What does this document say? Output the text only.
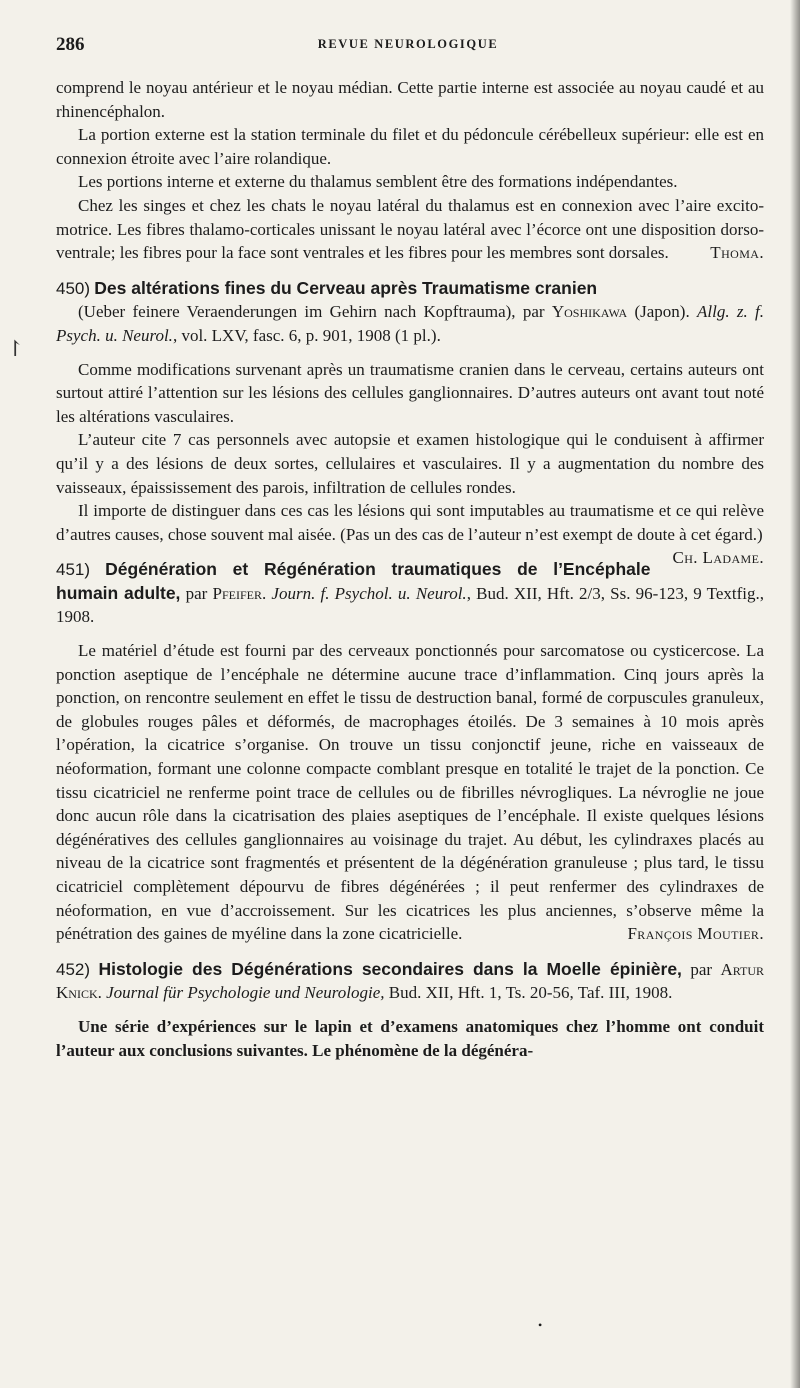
286	REVUE NEUROLOGIQUE
↾

comprend le noyau antérieur et le noyau médian. Cette partie interne est associée au noyau caudé et au rhinencéphalon.

La portion externe est la station terminale du filet et du pédoncule cérébelleux supérieur: elle est en connexion étroite avec l’aire rolandique.

Les portions interne et externe du thalamus semblent être des formations indépendantes.

Chez les singes et chez les chats le noyau latéral du thalamus est en connexion avec l’aire excito-motrice. Les fibres thalamo-corticales unissant le noyau latéral avec l’écorce ont une disposition dorso-ventrale; les fibres pour la face sont ventrales et les fibres pour les membres sont dorsales.	Thoma.

450) Des altérations fines du Cerveau après Traumatisme cranien

(Ueber feinere Veraenderungen im Gehirn nach Kopftrauma), par Yoshikawa (Japon). Allg. z. f. Psych. u. Neurol., vol. LXV, fasc. 6, p. 901, 1908 (1 pl.).

Comme modifications survenant après un traumatisme cranien dans le cerveau, certains auteurs ont surtout attiré l’attention sur les lésions des cellules ganglionnaires. D’autres auteurs ont avant tout noté les altérations vasculaires.

L’auteur cite 7 cas personnels avec autopsie et examen histologique qui le conduisent à affirmer qu’il y a des lésions de deux sortes, cellulaires et vasculaires. Il y a augmentation du nombre des vaisseaux, épaississement des parois, infiltration de cellules rondes.

Il importe de distinguer dans ces cas les lésions qui sont imputables au traumatisme et ce qui relève d’autres causes, chose souvent mal aisée. (Pas un des cas de l’auteur n’est exempt de doute à cet égard.)
Ch. Ladame.

451) Dégénération et Régénération traumatiques de l’Encéphale humain adulte, par Pfeifer. Journ. f. Psychol. u. Neurol., Bud. XII, Hft. 2/3, Ss. 96-123, 9 Textfig., 1908.

Le matériel d’étude est fourni par des cerveaux ponctionnés pour sarcomatose ou cysticercose. La ponction aseptique de l’encéphale ne détermine aucune trace d’inflammation. Cinq jours après la ponction, on rencontre seulement en effet le tissu de destruction banal, formé de corpuscules granuleux, de globules rouges pâles et déformés, de macrophages étoilés. De 3 semaines à 10 mois après l’opération, la cicatrice s’organise. On trouve un tissu conjonctif jeune, riche en vaisseaux de néoformation, formant une colonne compacte comblant presque en totalité le trajet de la ponction. Ce tissu cicatriciel ne renferme point trace de cellules ou de fibrilles névrogliques. La névroglie ne joue donc aucun rôle dans la cicatrisation des plaies aseptiques de l’encéphale. Il existe quelques lésions dégénératives des cellules ganglionnaires au voisinage du trajet. Au début, les cylindraxes placés au niveau de la cicatrice sont fragmentés et présentent de la dégénération granuleuse ; plus tard, le tissu cicatriciel complètement dépourvu de fibres dégénérées ; il peut renfermer des cylindraxes de néoformation, en vue d’accroissement. Sur les cicatrices les plus anciennes, s’observe même la pénétration des gaines de myéline dans la zone cicatricielle.	François Moutier.

452) Histologie des Dégénérations secondaires dans la Moelle épinière, par Artur Knick. Journal für Psychologie und Neurologie, Bud. XII, Hft. 1, Ts. 20-56, Taf. III, 1908.

Une série d’expériences sur le lapin et d’examens anatomiques chez l’homme ont conduit l’auteur aux conclusions suivantes. Le phénomène de la dégénéra-

•
